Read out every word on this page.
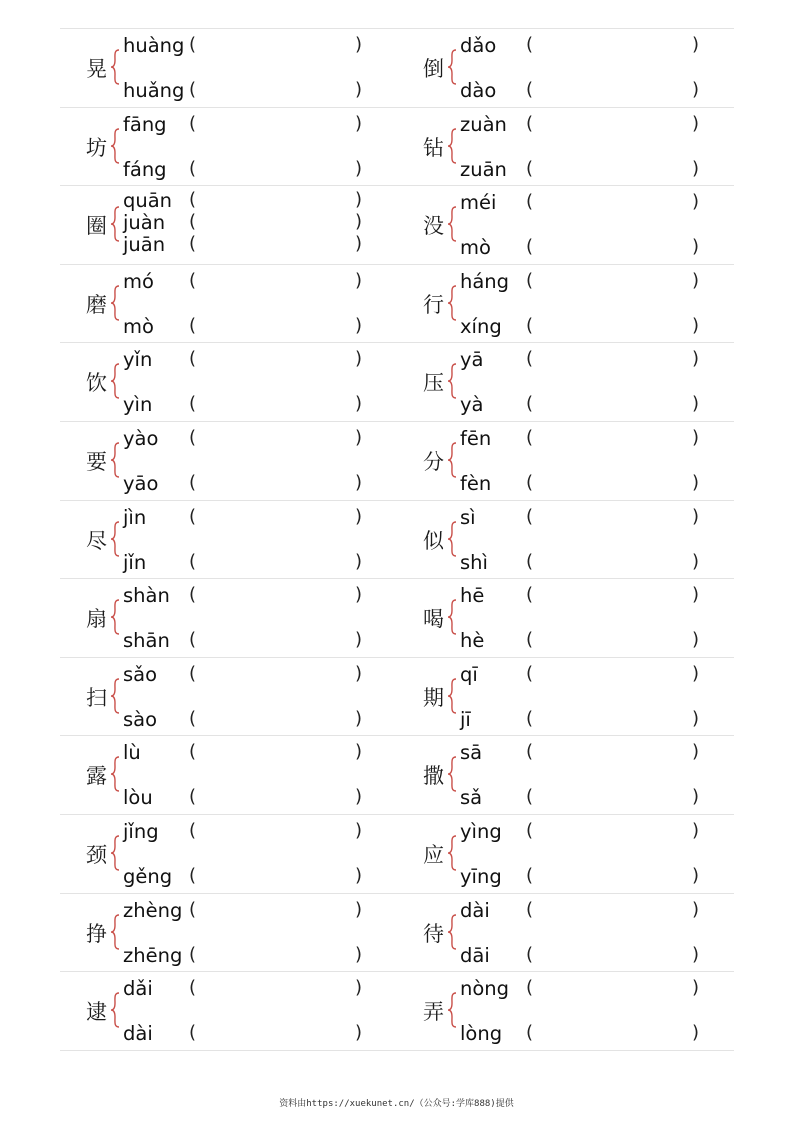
晃
huàng (	)
huǎng (	)
倒
dǎo (	)
dào (	)
坊
fāng (	)
fáng (	)
钻
zuàn (	)
zuān (	)
圈
quān (	)
juàn (	)
juān (	)
没
méi (	)
mò (	)
磨
mó (	)
mò (	)
行
háng (	)
xíng (	)
饮
yǐn (	)
yìn (	)
压
yā (	)
yà (	)
要
yào (	)
yāo (	)
分
fēn (	)
fèn (	)
尽
jìn (	)
jǐn (	)
似
sì	(	)
shì (	)
扇
shàn (	)
shān (	)
喝
hē (	)
hè (	)
扫
sǎo (	)
sào (	)
期
qī	(	)
jī	(	)
露
lù	(	)
lòu (	)
撒
sā (	)
sǎ (	)
颈
jǐng (	)
gěng (	)
应
yìng (	)
yīng (	)
挣
zhèng (	)
zhēng (	)
待
dài (	)
dāi (	)
逮
dǎi (	)
dài (	)
弄
nòng (	)
lòng (	)
资料由https://xuekunet.cn/（公众号:学库888)提供
